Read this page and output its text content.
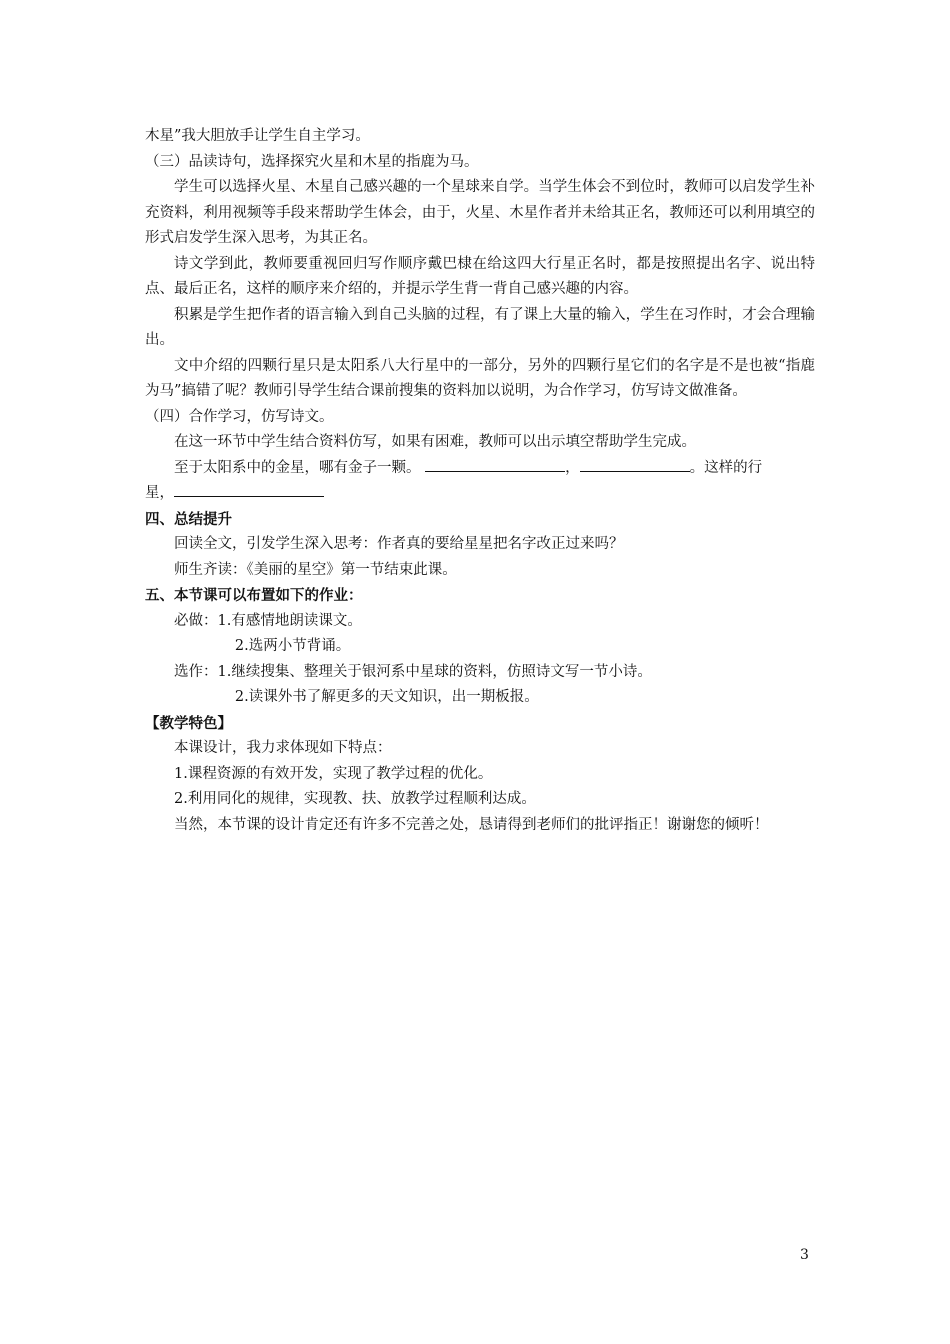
木星”我大胆放手让学生自主学习。
（三）品读诗句，选择探究火星和木星的指鹿为马。
学生可以选择火星、木星自己感兴趣的一个星球来自学。当学生体会不到位时，教师可以启发学生补充资料，利用视频等手段来帮助学生体会，由于，火星、木星作者并未给其正名，教师还可以利用填空的形式启发学生深入思考，为其正名。
诗文学到此，教师要重视回归写作顺序戴巴棣在给这四大行星正名时，都是按照提出名字、说出特点、最后正名，这样的顺序来介绍的，并提示学生背一背自己感兴趣的内容。
积累是学生把作者的语言输入到自己头脑的过程，有了课上大量的输入，学生在习作时，才会合理输出。
文中介绍的四颗行星只是太阳系八大行星中的一部分，另外的四颗行星它们的名字是不是也被“指鹿为马”搞错了呢？教师引导学生结合课前搜集的资料加以说明，为合作学习，仿写诗文做准备。
（四）合作学习，仿写诗文。
在这一环节中学生结合资料仿写，如果有困难，教师可以出示填空帮助学生完成。
至于太阳系中的金星，哪有金子一颗。	，	。这样的行
星，
四、总结提升
回读全文，引发学生深入思考：作者真的要给星星把名字改正过来吗？
师生齐读：《美丽的星空》第一节结束此课。
五、本节课可以布置如下的作业：
必做：1.有感情地朗读课文。
2.选两小节背诵。
选作：1.继续搜集、整理关于银河系中星球的资料，仿照诗文写一节小诗。
2.读课外书了解更多的天文知识，出一期板报。
【教学特色】
本课设计，我力求体现如下特点：
1.课程资源的有效开发，实现了教学过程的优化。
2.利用同化的规律，实现教、扶、放教学过程顺利达成。
当然，本节课的设计肯定还有许多不完善之处，恳请得到老师们的批评指正！谢谢您的倾听！
3
